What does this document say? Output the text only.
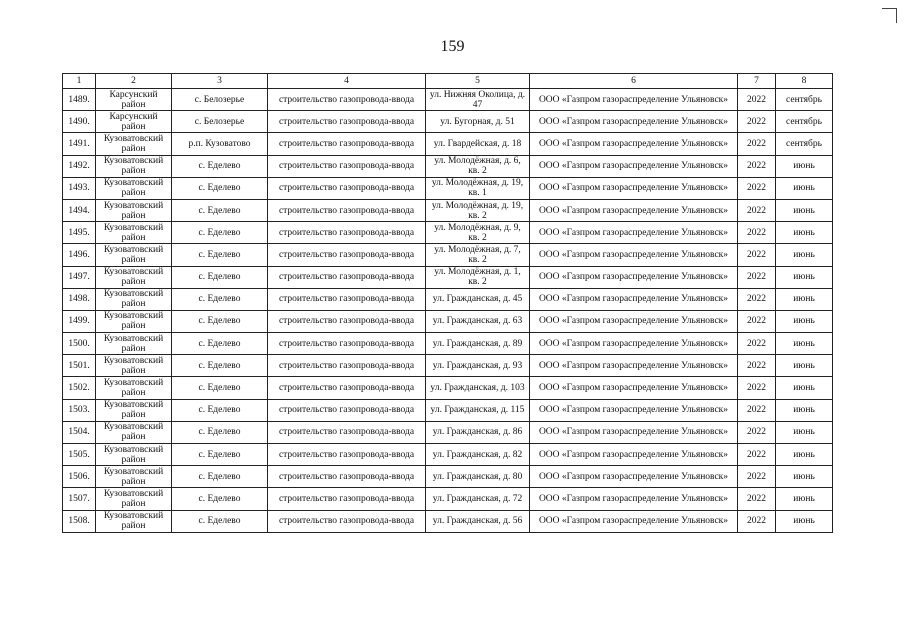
159
1	2	3	4	5	6	7	8
1489.	Карсунский район	с. Белозерье	строительство газопровода-ввода	ул. Нижняя Околица, д. 47	ООО «Газпром газораспределение Ульяновск»	2022	сентябрь
1490.	Карсунский район	с. Белозерье	строительство газопровода-ввода	ул. Бугорная, д. 51	ООО «Газпром газораспределение Ульяновск»	2022	сентябрь
1491.	Кузоватовский район	р.п. Кузоватово	строительство газопровода-ввода	ул. Гвардейская, д. 18	ООО «Газпром газораспределение Ульяновск»	2022	сентябрь
1492.	Кузоватовский район	с. Еделево	строительство газопровода-ввода	ул. Молодёжная, д. 6, кв. 2	ООО «Газпром газораспределение Ульяновск»	2022	июнь
1493.	Кузоватовский район	с. Еделево	строительство газопровода-ввода	ул. Молодёжная, д. 19, кв. 1	ООО «Газпром газораспределение Ульяновск»	2022	июнь
1494.	Кузоватовский район	с. Еделево	строительство газопровода-ввода	ул. Молодёжная, д. 19, кв. 2	ООО «Газпром газораспределение Ульяновск»	2022	июнь
1495.	Кузоватовский район	с. Еделево	строительство газопровода-ввода	ул. Молодёжная, д. 9, кв. 2	ООО «Газпром газораспределение Ульяновск»	2022	июнь
1496.	Кузоватовский район	с. Еделево	строительство газопровода-ввода	ул. Молодёжная, д. 7, кв. 2	ООО «Газпром газораспределение Ульяновск»	2022	июнь
1497.	Кузоватовский район	с. Еделево	строительство газопровода-ввода	ул. Молодёжная, д. 1, кв. 2	ООО «Газпром газораспределение Ульяновск»	2022	июнь
1498.	Кузоватовский район	с. Еделево	строительство газопровода-ввода	ул. Гражданская, д. 45	ООО «Газпром газораспределение Ульяновск»	2022	июнь
1499.	Кузоватовский район	с. Еделево	строительство газопровода-ввода	ул. Гражданская, д. 63	ООО «Газпром газораспределение Ульяновск»	2022	июнь
1500.	Кузоватовский район	с. Еделево	строительство газопровода-ввода	ул. Гражданская, д. 89	ООО «Газпром газораспределение Ульяновск»	2022	июнь
1501.	Кузоватовский район	с. Еделево	строительство газопровода-ввода	ул. Гражданская, д. 93	ООО «Газпром газораспределение Ульяновск»	2022	июнь
1502.	Кузоватовский район	с. Еделево	строительство газопровода-ввода	ул. Гражданская, д. 103	ООО «Газпром газораспределение Ульяновск»	2022	июнь
1503.	Кузоватовский район	с. Еделево	строительство газопровода-ввода	ул. Гражданская, д. 115	ООО «Газпром газораспределение Ульяновск»	2022	июнь
1504.	Кузоватовский район	с. Еделево	строительство газопровода-ввода	ул. Гражданская, д. 86	ООО «Газпром газораспределение Ульяновск»	2022	июнь
1505.	Кузоватовский район	с. Еделево	строительство газопровода-ввода	ул. Гражданская, д. 82	ООО «Газпром газораспределение Ульяновск»	2022	июнь
1506.	Кузоватовский район	с. Еделево	строительство газопровода-ввода	ул. Гражданская, д. 80	ООО «Газпром газораспределение Ульяновск»	2022	июнь
1507.	Кузоватовский район	с. Еделево	строительство газопровода-ввода	ул. Гражданская, д. 72	ООО «Газпром газораспределение Ульяновск»	2022	июнь
1508.	Кузоватовский район	с. Еделево	строительство газопровода-ввода	ул. Гражданская, д. 56	ООО «Газпром газораспределение Ульяновск»	2022	июнь
